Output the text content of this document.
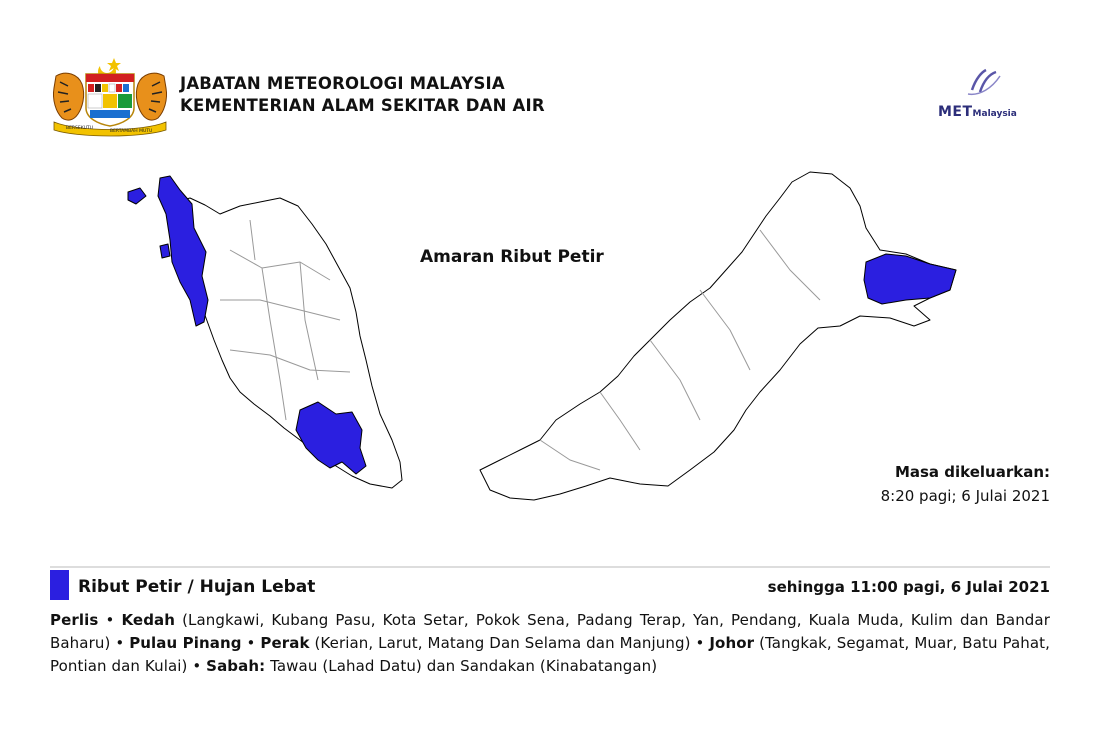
BERSEKUTU
BERTAMBAH MUTU
JABATAN METEOROLOGI MALAYSIA
KEMENTERIAN ALAM SEKITAR DAN AIR	METMalaysia
Amaran Ribut Petir
Masa dikeluarkan:
8:20 pagi; 6 Julai 2021
Ribut Petir / Hujan Lebat	sehingga 11:00 pagi, 6 Julai 2021
Perlis • Kedah (Langkawi, Kubang Pasu, Kota Setar, Pokok Sena, Padang Terap, Yan, Pendang, Kuala Muda, Kulim dan Bandar Baharu) • Pulau Pinang • Perak (Kerian, Larut, Matang Dan Selama dan Manjung) • Johor (Tangkak, Segamat, Muar, Batu Pahat, Pontian dan Kulai) • Sabah: Tawau (Lahad Datu) dan Sandakan (Kinabatangan)
